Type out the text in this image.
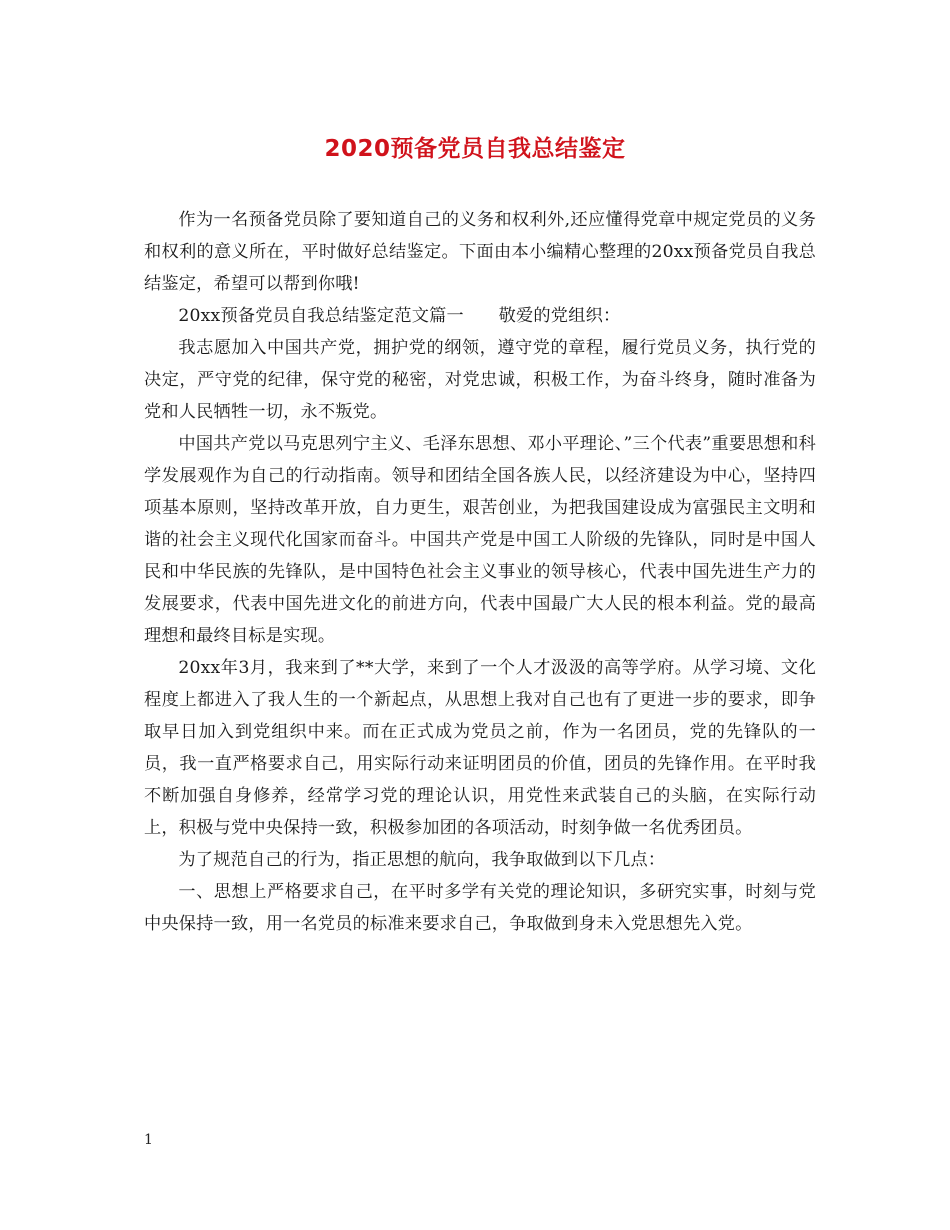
2020预备党员自我总结鉴定

作为一名预备党员除了要知道自己的义务和权利外,还应懂得党章中规定党员的义务和权利的意义所在，平时做好总结鉴定。下面由本小编精心整理的20xx预备党员自我总结鉴定，希望可以帮到你哦!

20xx预备党员自我总结鉴定范文篇一　　敬爱的党组织：

我志愿加入中国共产党，拥护党的纲领，遵守党的章程，履行党员义务，执行党的决定，严守党的纪律，保守党的秘密，对党忠诚，积极工作，为奋斗终身，随时准备为党和人民牺牲一切，永不叛党。

中国共产党以马克思列宁主义、毛泽东思想、邓小平理论、”三个代表”重要思想和科学发展观作为自己的行动指南。领导和团结全国各族人民，以经济建设为中心，坚持四项基本原则，坚持改革开放，自力更生，艰苦创业，为把我国建设成为富强民主文明和谐的社会主义现代化国家而奋斗。中国共产党是中国工人阶级的先锋队，同时是中国人民和中华民族的先锋队，是中国特色社会主义事业的领导核心，代表中国先进生产力的发展要求，代表中国先进文化的前进方向，代表中国最广大人民的根本利益。党的最高理想和最终目标是实现。

20xx年3月，我来到了**大学，来到了一个人才汲汲的高等学府。从学习境、文化程度上都进入了我人生的一个新起点，从思想上我对自己也有了更进一步的要求，即争取早日加入到党组织中来。而在正式成为党员之前，作为一名团员，党的先锋队的一员，我一直严格要求自己，用实际行动来证明团员的价值，团员的先锋作用。在平时我不断加强自身修养，经常学习党的理论认识，用党性来武装自己的头脑，在实际行动上，积极与党中央保持一致，积极参加团的各项活动，时刻争做一名优秀团员。

为了规范自己的行为，指正思想的航向，我争取做到以下几点：

一、思想上严格要求自己，在平时多学有关党的理论知识，多研究实事，时刻与党中央保持一致，用一名党员的标准来要求自己，争取做到身未入党思想先入党。

1
